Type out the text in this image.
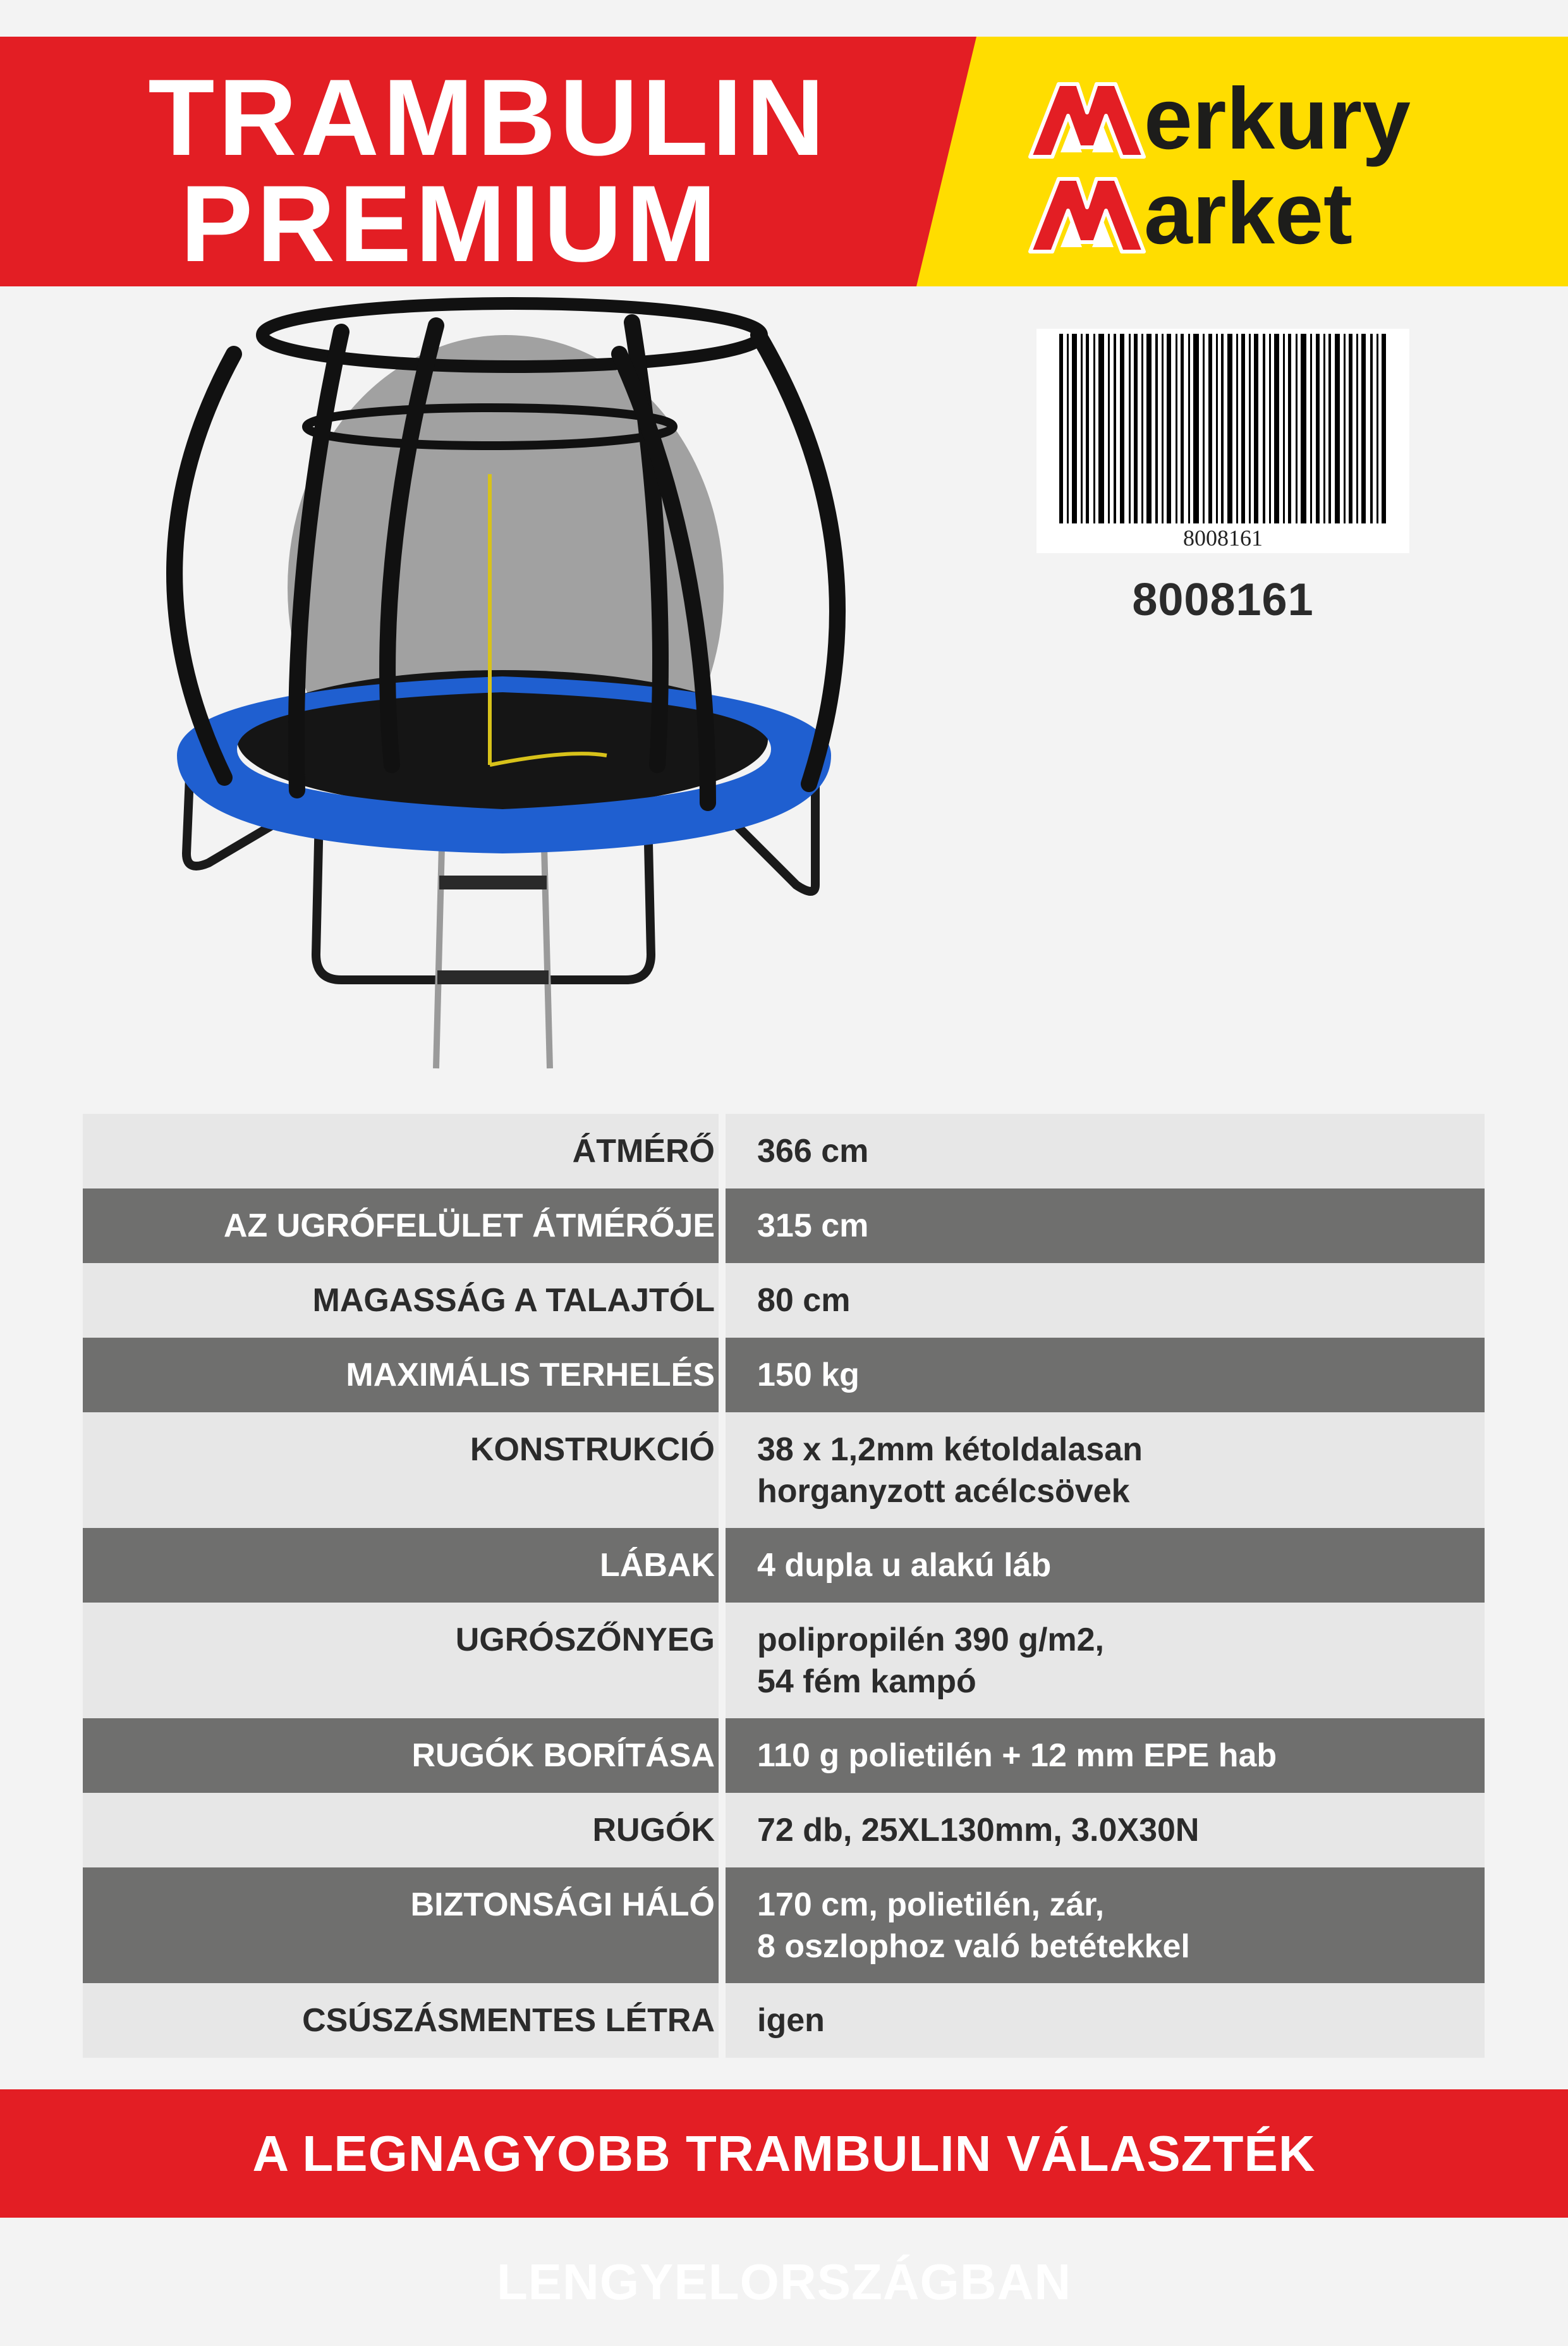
TRAMBULIN
PREMIUM
erkury
arket
8008161
8008161
ÁTMÉRŐ 366 cm
AZ UGRÓFELÜLET ÁTMÉRŐJE 315 cm
MAGASSÁG A TALAJTÓL 80 cm
MAXIMÁLIS TERHELÉS 150 kg
KONSTRUKCIÓ 38 x 1,2mm kétoldalasan
horganyzott acélcsövek
LÁBAK 4 dupla u alakú láb
UGRÓSZŐNYEG polipropilén 390 g/m2,
54 fém kampó
RUGÓK BORÍTÁSA 110 g polietilén + 12 mm EPE hab
RUGÓK 72 db, 25XL130mm, 3.0X30N
BIZTONSÁGI HÁLÓ 170 cm, polietilén, zár,
8 oszlophoz való betétekkel
CSÚSZÁSMENTES LÉTRA igen
A LEGNAGYOBB TRAMBULIN VÁLASZTÉK LENGYELORSZÁGBAN
